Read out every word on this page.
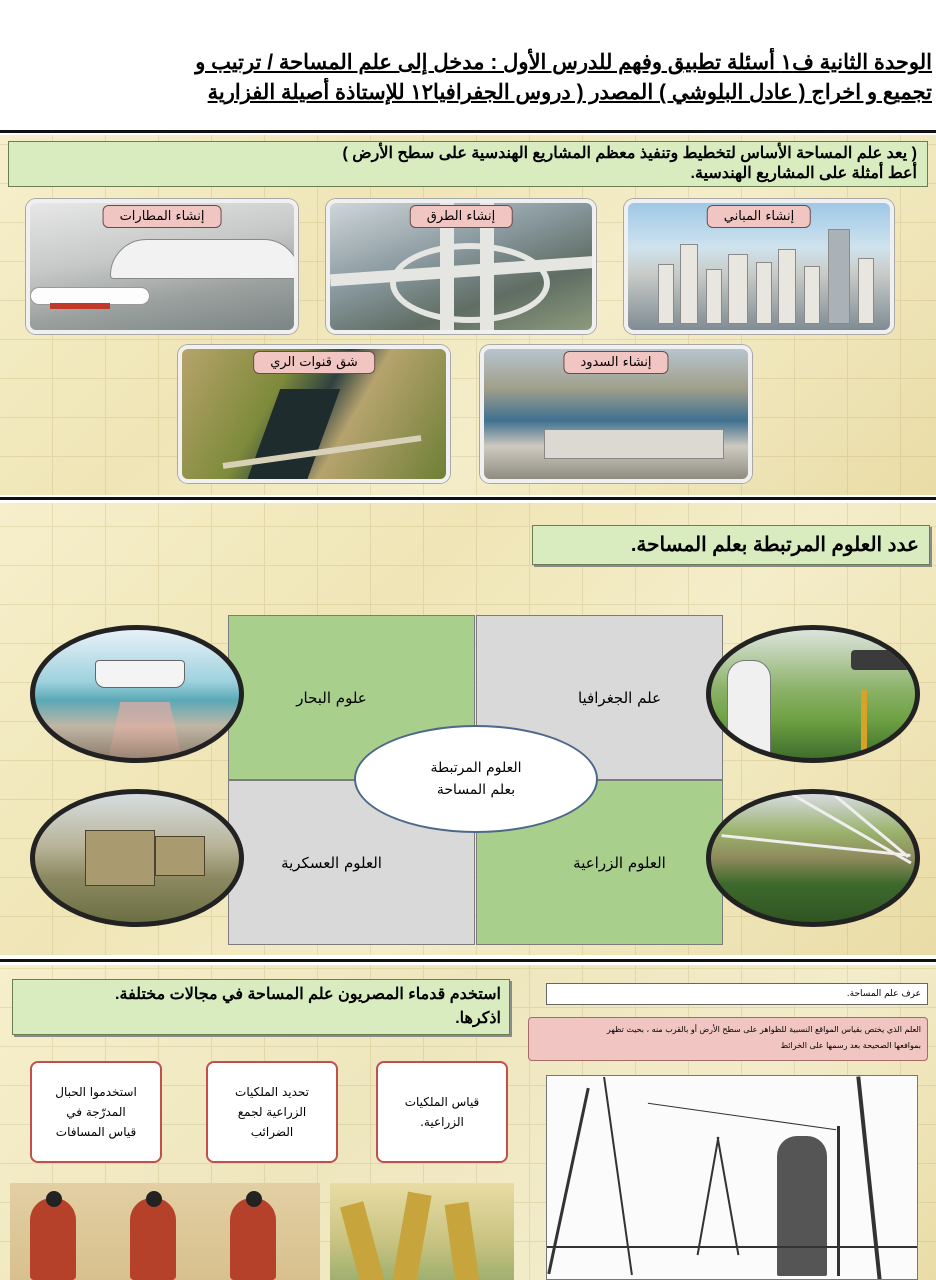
الوحدة الثانية ف١ أسئلة تطبيق وفهم للدرس الأول : مدخل إلى علم المساحة / ترتيب و
تجميع و اخراج ( عادل البلوشي ) المصدر ( دروس الجفرافيا١٢ للإستاذة أصيلة الفزارية
( يعد علم المساحة الأساس لتخطيط وتنفيذ معظم المشاريع الهندسية على سطح الأرض )
أعط أمثلة على المشاريع الهندسية.
إنشاء المباني
إنشاء الطرق
إنشاء المطارات
إنشاء السدود
شق قنوات الري
عدد العلوم المرتبطة بعلم المساحة.
علم الجغرافيا
علوم البحار
العلوم الزراعية
العلوم العسكرية
العلوم المرتبطة
بعلم المساحة
استخدم قدماء المصريون علم المساحة في مجالات مختلفة.
اذكرها.
عرف علم المساحة.
العلم الذي يختص بقياس المواقع النسبية للظواهر على سطح الأرض أو بالقرب منه ، بحيث تظهر
بموافعها الصحيحة بعد رسمها على الخرائط
قياس الملكيات
الزراعية.
تحديد الملكيات
الزراعية لجمع
الضرائب
استخدموا الحبال
المدرّجة في
قياس المسافات
